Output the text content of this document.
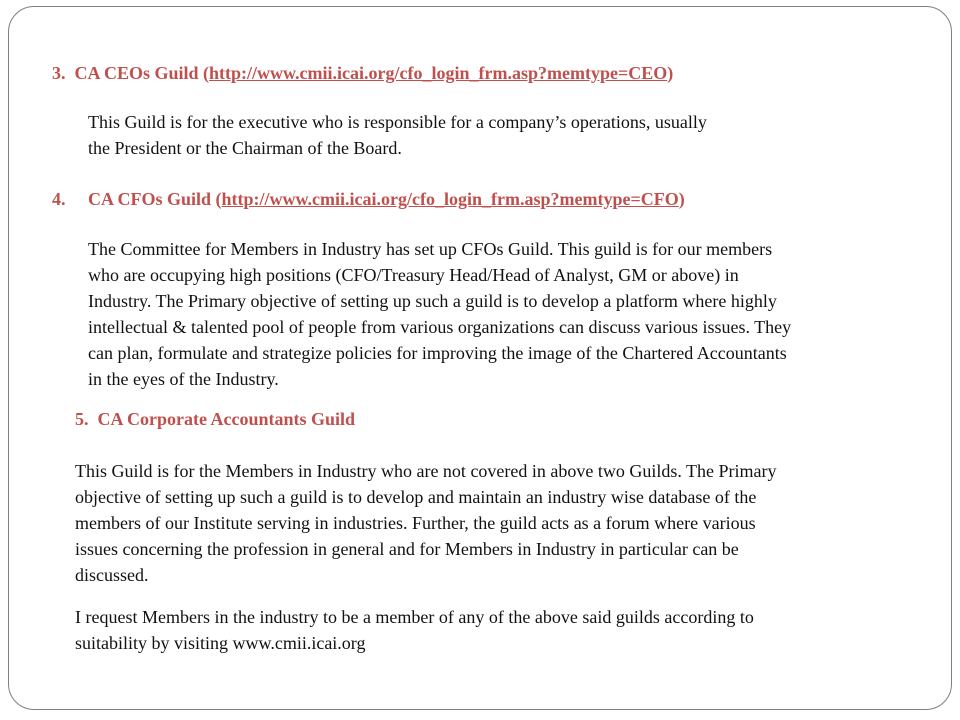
3. CA CEOs Guild (http://www.cmii.icai.org/cfo_login_frm.asp?memtype=CEO)

This Guild is for the executive who is responsible for a company’s operations, usually

the President or the Chairman of the Board.

4. CA CFOs Guild (http://www.cmii.icai.org/cfo_login_frm.asp?memtype=CFO)

The Committee for Members in Industry has set up CFOs Guild. This guild is for our members

who are occupying high positions (CFO/Treasury Head/Head of Analyst, GM or above) in

Industry. The Primary objective of setting up such a guild is to develop a platform where highly

intellectual & talented pool of people from various organizations can discuss various issues. They

can plan, formulate and strategize policies for improving the image of the Chartered Accountants

in the eyes of the Industry.

5. CA Corporate Accountants Guild

This Guild is for the Members in Industry who are not covered in above two Guilds. The Primary

objective of setting up such a guild is to develop and maintain an industry wise database of the

members of our Institute serving in industries. Further, the guild acts as a forum where various

issues concerning the profession in general and for Members in Industry in particular can be

discussed.

I request Members in the industry to be a member of any of the above said guilds according to

suitability by visiting www.cmii.icai.org
